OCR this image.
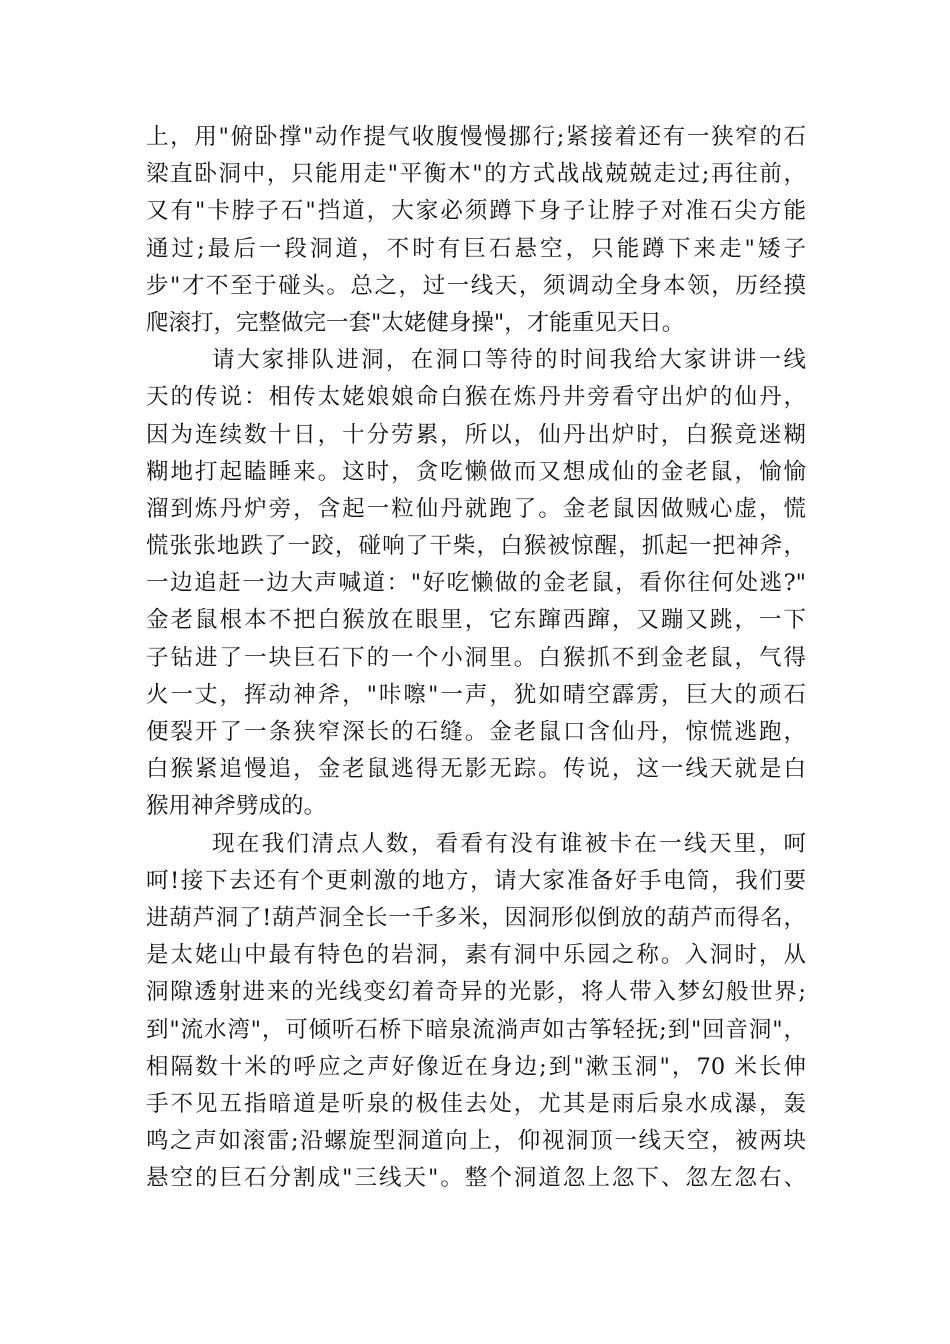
上，用"俯卧撑"动作提气收腹慢慢挪行;紧接着还有一狭窄的石
梁直卧洞中，只能用走"平衡木"的方式战战兢兢走过;再往前，
又有"卡脖子石"挡道，大家必须蹲下身子让脖子对准石尖方能
通过;最后一段洞道，不时有巨石悬空，只能蹲下来走"矮子
步"才不至于碰头。总之，过一线天，须调动全身本领，历经摸
爬滚打，完整做完一套"太姥健身操"，才能重见天日。
请大家排队进洞，在洞口等待的时间我给大家讲讲一线
天的传说：相传太姥娘娘命白猴在炼丹井旁看守出炉的仙丹，
因为连续数十日，十分劳累，所以，仙丹出炉时，白猴竟迷糊
糊地打起瞌睡来。这时，贪吃懒做而又想成仙的金老鼠，愉愉
溜到炼丹炉旁，含起一粒仙丹就跑了。金老鼠因做贼心虚，慌
慌张张地跌了一跤，碰响了干柴，白猴被惊醒，抓起一把神斧，
一边追赶一边大声喊道："好吃懒做的金老鼠，看你往何处逃?"
金老鼠根本不把白猴放在眼里，它东蹿西蹿，又蹦又跳，一下
子钻进了一块巨石下的一个小洞里。白猴抓不到金老鼠，气得
火一丈，挥动神斧，"咔嚓"一声，犹如晴空霹雳，巨大的顽石
便裂开了一条狭窄深长的石缝。金老鼠口含仙丹，惊慌逃跑，
白猴紧追慢追，金老鼠逃得无影无踪。传说，这一线天就是白
猴用神斧劈成的。
现在我们清点人数，看看有没有谁被卡在一线天里，呵
呵!接下去还有个更刺激的地方，请大家准备好手电筒，我们要
进葫芦洞了!葫芦洞全长一千多米，因洞形似倒放的葫芦而得名，
是太姥山中最有特色的岩洞，素有洞中乐园之称。入洞时，从
洞隙透射进来的光线变幻着奇异的光影，将人带入梦幻般世界;
到"流水湾"，可倾听石桥下暗泉流淌声如古筝轻抚;到"回音洞"，
相隔数十米的呼应之声好像近在身边;到"漱玉洞"，70 米长伸
手不见五指暗道是听泉的极佳去处，尤其是雨后泉水成瀑，轰
鸣之声如滚雷;沿螺旋型洞道向上，仰视洞顶一线天空，被两块
悬空的巨石分割成"三线天"。整个洞道忽上忽下、忽左忽右、
